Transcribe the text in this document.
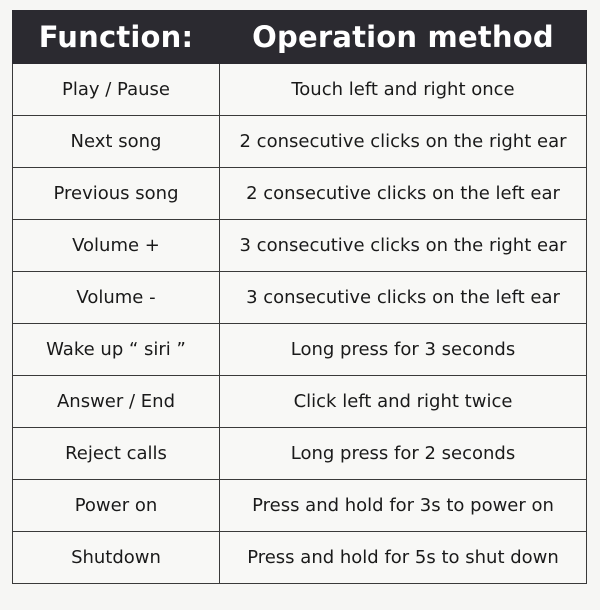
Function:	Operation method
Play / Pause	Touch left and right once
Next song	2 consecutive clicks on the right ear
Previous song	2 consecutive clicks on the left ear
Volume +	3 consecutive clicks on the right ear
Volume -	3 consecutive clicks on the left ear
Wake up “ siri ”	Long press for 3 seconds
Answer / End	Click left and right twice
Reject calls	Long press for 2 seconds
Power on	Press and hold for 3s to power on
Shutdown	Press and hold for 5s to shut down
